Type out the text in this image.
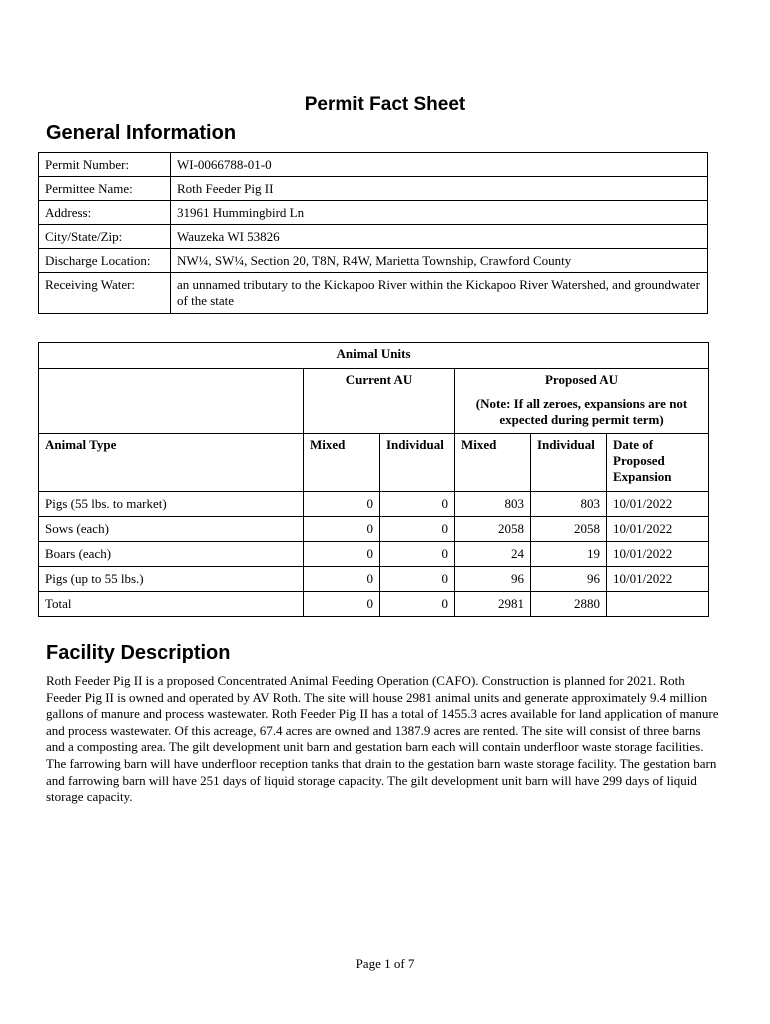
Permit Fact Sheet
General Information
Permit Number:	WI-0066788-01-0
Permittee Name:	Roth Feeder Pig II
Address:	31961 Hummingbird Ln
City/State/Zip:	Wauzeka WI 53826
Discharge Location:	NW¼, SW¼, Section 20, T8N, R4W, Marietta Township, Crawford County
Receiving Water:	an unnamed tributary to the Kickapoo River within the Kickapoo River Watershed, and groundwater of the state
Animal Units					
	Current AU		Proposed AU
(Note: If all zeroes, expansions are not expected during permit term)		

Animal Type	Mixed	Individual	Mixed	Individual	Date of Proposed Expansion
Pigs (55 lbs. to market)	0	0	803	803	10/01/2022
Sows (each)	0	0	2058	2058	10/01/2022
Boars (each)	0	0	24	19	10/01/2022
Pigs (up to 55 lbs.)	0	0	96	96	10/01/2022
Total	0	0	2981	2880	
Facility Description

Roth Feeder Pig II is a proposed Concentrated Animal Feeding Operation (CAFO). Construction is planned for 2021. Roth Feeder Pig II is owned and operated by AV Roth. The site will house 2981 animal units and generate approximately 9.4 million gallons of manure and process wastewater. Roth Feeder Pig II has a total of 1455.3 acres available for land application of manure and process wastewater. Of this acreage, 67.4 acres are owned and 1387.9 acres are rented. The site will consist of three barns and a composting area. The gilt development unit barn and gestation barn each will contain underfloor waste storage facilities. The farrowing barn will have underfloor reception tanks that drain to the gestation barn waste storage facility. The gestation barn and farrowing barn will have 251 days of liquid storage capacity. The gilt development unit barn will have 299 days of liquid storage capacity.

Page 1 of 7
